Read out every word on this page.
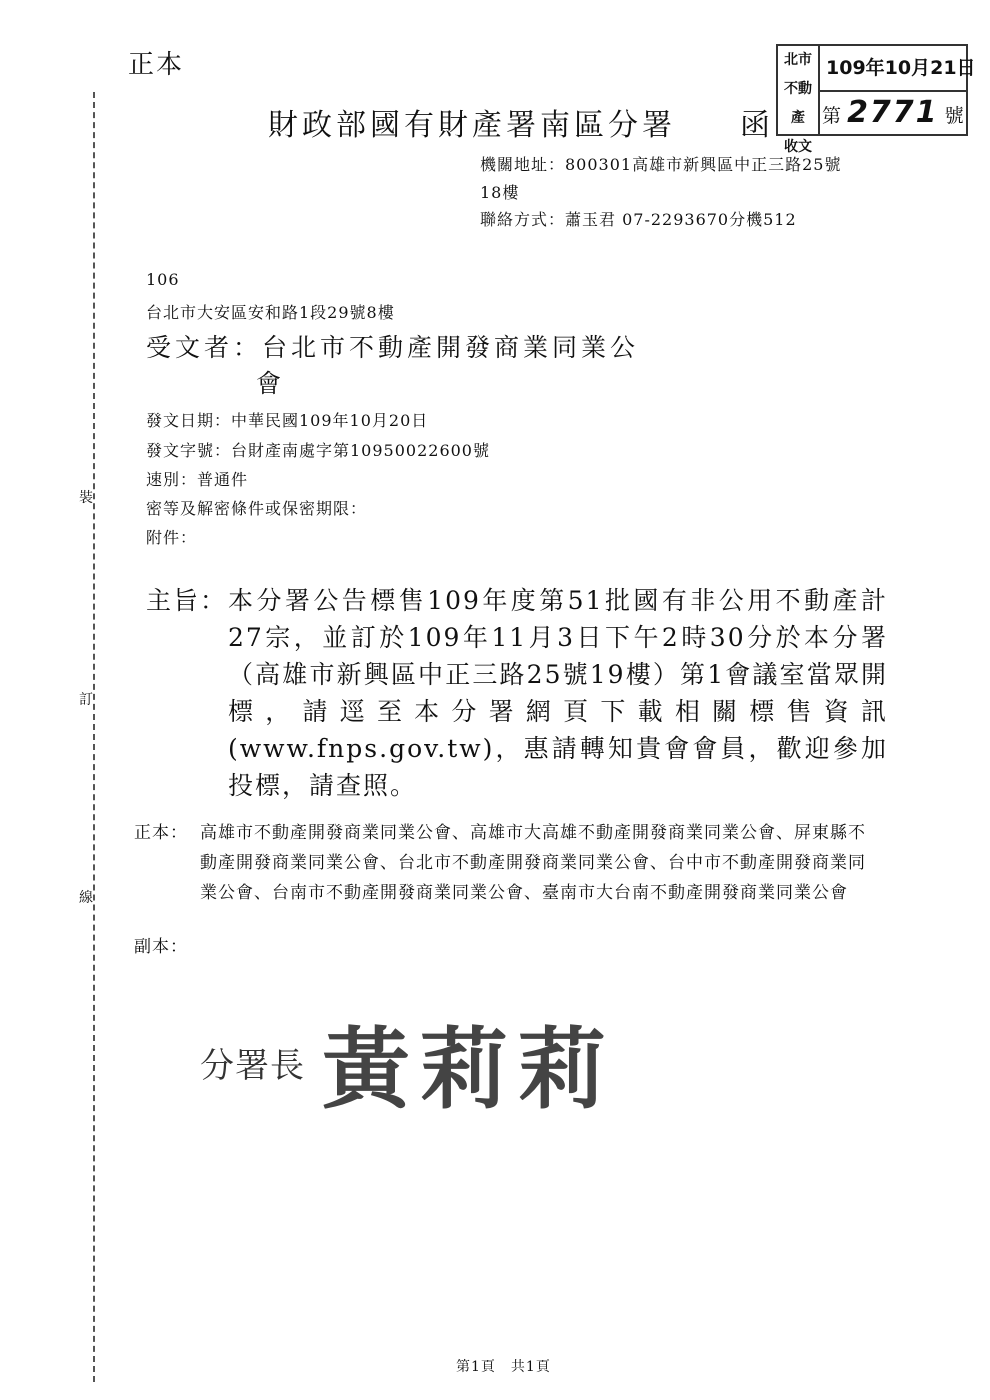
正本
財政部國有財產署南區分署 函
北市
不動產
收文
109年10月21日
第 2771 號
機關地址：800301高雄市新興區中正三路25號
18樓
聯絡方式：蕭玉君 07-2293670分機512
106
台北市大安區安和路1段29號8樓
受文者：台北市不動產開發商業同業公
會
發文日期：中華民國109年10月20日
發文字號：台財產南處字第10950022600號
速別：普通件
密等及解密條件或保密期限：
附件：
主旨： 本分署公告標售109年度第51批國有非公用不動產計27宗，並訂於109年11月3日下午2時30分於本分署（高雄市新興區中正三路25號19樓）第1會議室當眾開標，請逕至本分署網頁下載相關標售資訊(www.fnps.gov.tw)，惠請轉知貴會會員，歡迎參加投標，請查照。
正本： 高雄市不動產開發商業同業公會、高雄市大高雄不動產開發商業同業公會、屏東縣不動產開發商業同業公會、台北市不動產開發商業同業公會、台中市不動產開發商業同業公會、台南市不動產開發商業同業公會、臺南市大台南不動產開發商業同業公會
副本：
分署長 黃莉莉
裝
訂
線
第1頁　共1頁
